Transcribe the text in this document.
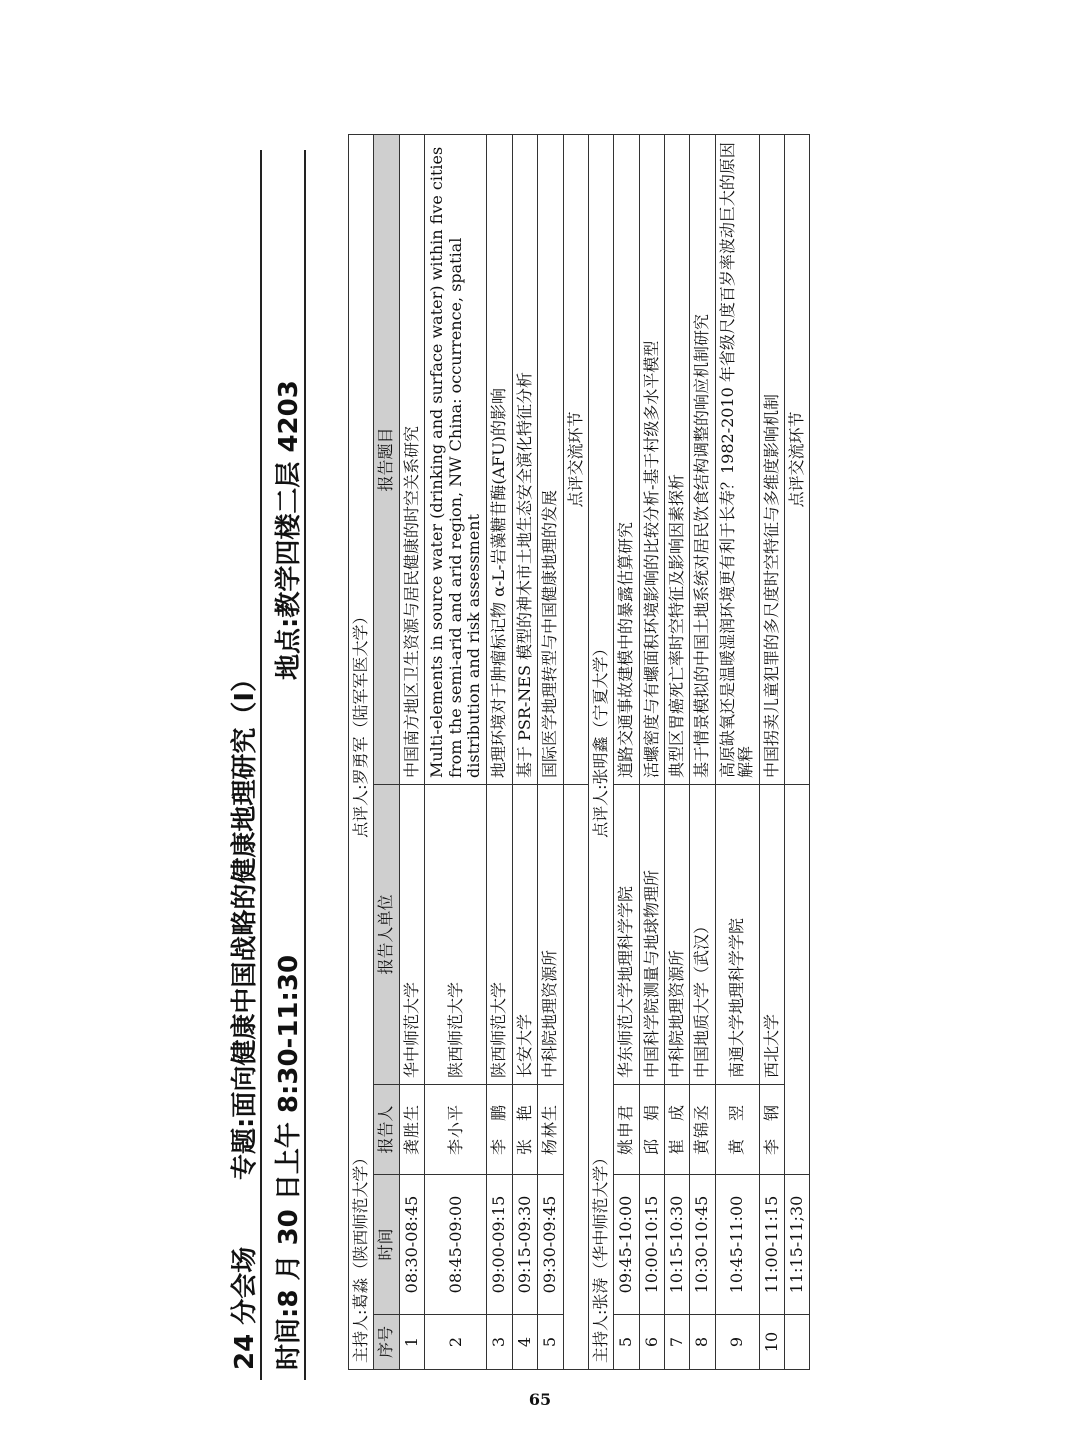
24 分会场
专题:面向健康中国战略的健康地理研究（Ⅰ） 时间:8 月 30 日上午 8:30-11:30
地点:教学四楼二层 4203
主持人:葛淼（陕西师范大学） 点评人:罗勇军（陆军军医大学）				
序号	时间	报告人	报告人单位	报告题目
1	08:30-08:45	龚胜生	华中师范大学	中国南方地区卫生资源与居民健康的时空关系研究
2	08:45-09:00	李小平	陕西师范大学	Multi-elements in source water (drinking and surface water) within five cities from the semi-arid and arid region, NW China: occurrence, spatial distribution and risk assessment
3	09:00-09:15	李　鹏	陕西师范大学	地理环境对于肿瘤标记物 α-L-岩藻糖苷酶(AFU)的影响
4	09:15-09:30	张　艳	长安大学	基于 PSR-NES 模型的神木市土地生态安全演化特征分析
5	09:30-09:45	杨林生	中科院地理资源所	国际医学地理转型与中国健康地理的发展
				点评交流环节
主持人:张涛（华中师范大学） 点评人:张明鑫（宁夏大学）				
5	09:45-10:00	姚申君	华东师范大学地理科学学院	道路交通事故建模中的暴露估算研究
6	10:00-10:15	邱　娟	中国科学院测量与地球物理所	活螺密度与有螺面积环境影响的比较分析-基于村级多水平模型
7	10:15-10:30	崔　成	中科院地理资源所	典型区胃癌死亡率时空特征及影响因素探析
8	10:30-10:45	黄锦丞	中国地质大学（武汉）	基于情景模拟的中国土地系统对居民饮食结构调整的响应机制研究
9	10:45-11:00	黄　翌	南通大学地理科学学院	高原缺氧还是温暖湿润环境更有利于长寿？1982-2010 年省级尺度百岁率波动巨大的原因解释
10	11:00-11:15	李　钢	西北大学	中国拐卖儿童犯罪的多尺度时空特征与多维度影响机制
	11:15-11;30			点评交流环节
65
